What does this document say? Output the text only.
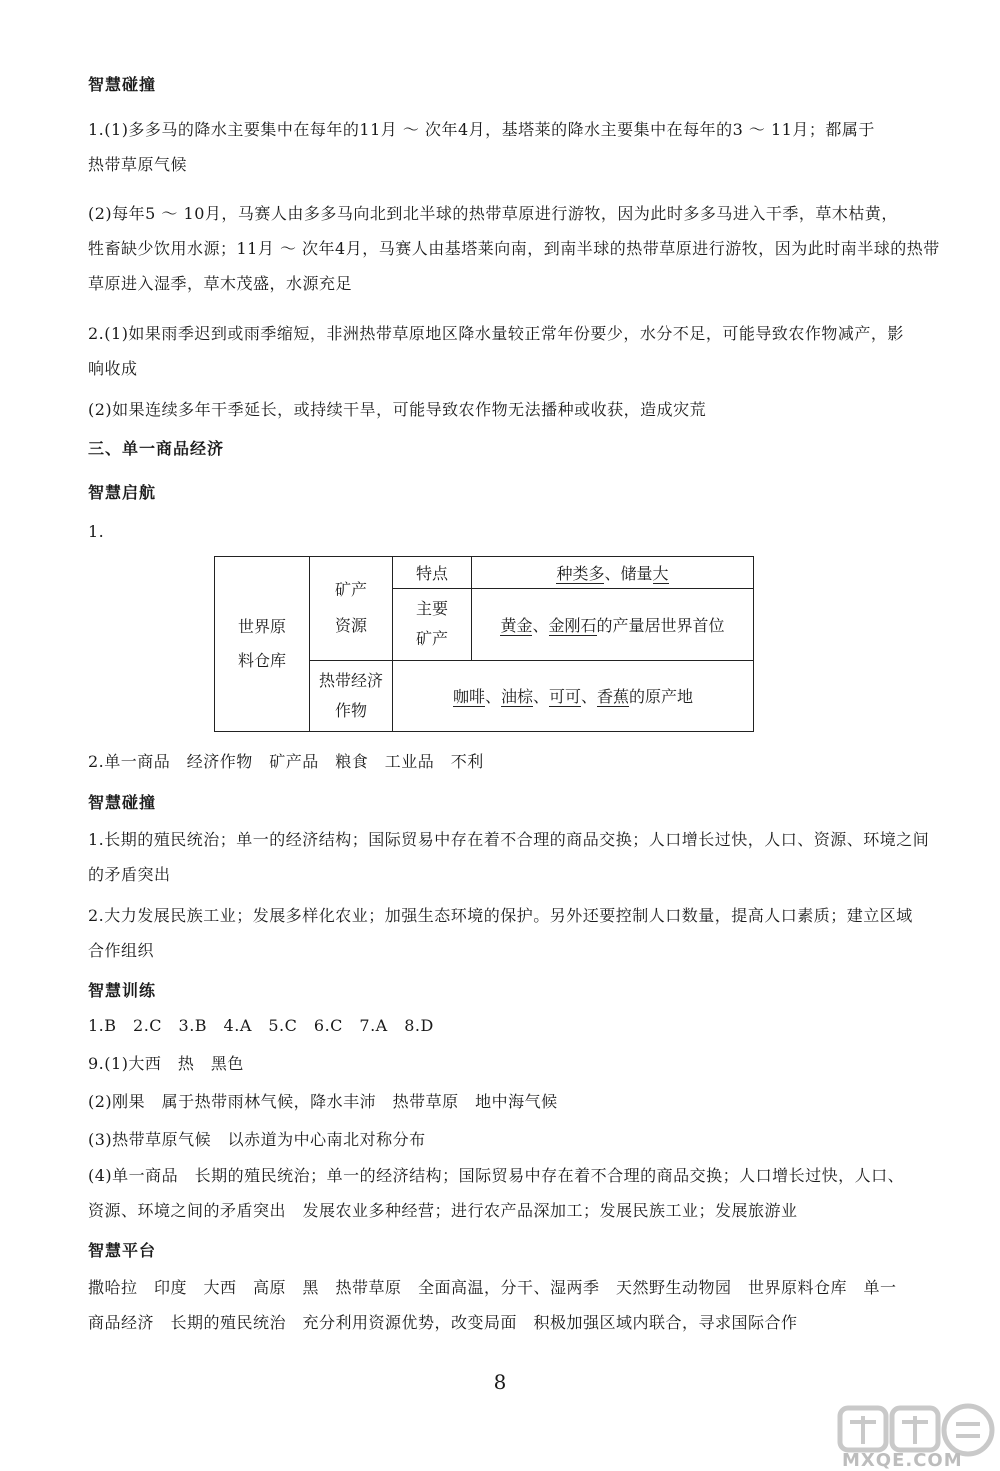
智慧碰撞
1.(1)多多马的降水主要集中在每年的11月 ～ 次年4月，基塔莱的降水主要集中在每年的3 ～ 11月；都属于
热带草原气候
(2)每年5 ～ 10月，马赛人由多多马向北到北半球的热带草原进行游牧，因为此时多多马进入干季，草木枯黄，
牲畜缺少饮用水源；11月 ～ 次年4月，马赛人由基塔莱向南，到南半球的热带草原进行游牧，因为此时南半球的热带
草原进入湿季，草木茂盛，水源充足
2.(1)如果雨季迟到或雨季缩短，非洲热带草原地区降水量较正常年份要少，水分不足，可能导致农作物减产，影
响收成
(2)如果连续多年干季延长，或持续干旱，可能导致农作物无法播种或收获，造成灾荒
三、单一商品经济
智慧启航
1.
世界原料仓库	矿产资源	特点	种类多、储量大

		主要矿产	黄金、金刚石的产量居世界首位

	热带经济作物	咖啡、油棕、可可、香蕉的原产地	
2.单一商品　经济作物　矿产品　粮食　工业品　不利
智慧碰撞
1.长期的殖民统治；单一的经济结构；国际贸易中存在着不合理的商品交换；人口增长过快，人口、资源、环境之间
的矛盾突出
2.大力发展民族工业；发展多样化农业；加强生态环境的保护。另外还要控制人口数量，提高人口素质；建立区域
合作组织
智慧训练
1.B　2.C　3.B　4.A　5.C　6.C　7.A　8.D
9.(1)大西　热　黑色
(2)刚果　属于热带雨林气候，降水丰沛　热带草原　地中海气候
(3)热带草原气候　以赤道为中心南北对称分布
(4)单一商品　长期的殖民统治；单一的经济结构；国际贸易中存在着不合理的商品交换；人口增长过快，人口、
资源、环境之间的矛盾突出　发展农业多种经营；进行农产品深加工；发展民族工业；发展旅游业
智慧平台
撒哈拉　印度　大西　高原　黑　热带草原　全面高温，分干、湿两季　天然野生动物园　世界原料仓库　单一
商品经济　长期的殖民统治　充分利用资源优势，改变局面　积极加强区域内联合，寻求国际合作
8
MXQE.COM
